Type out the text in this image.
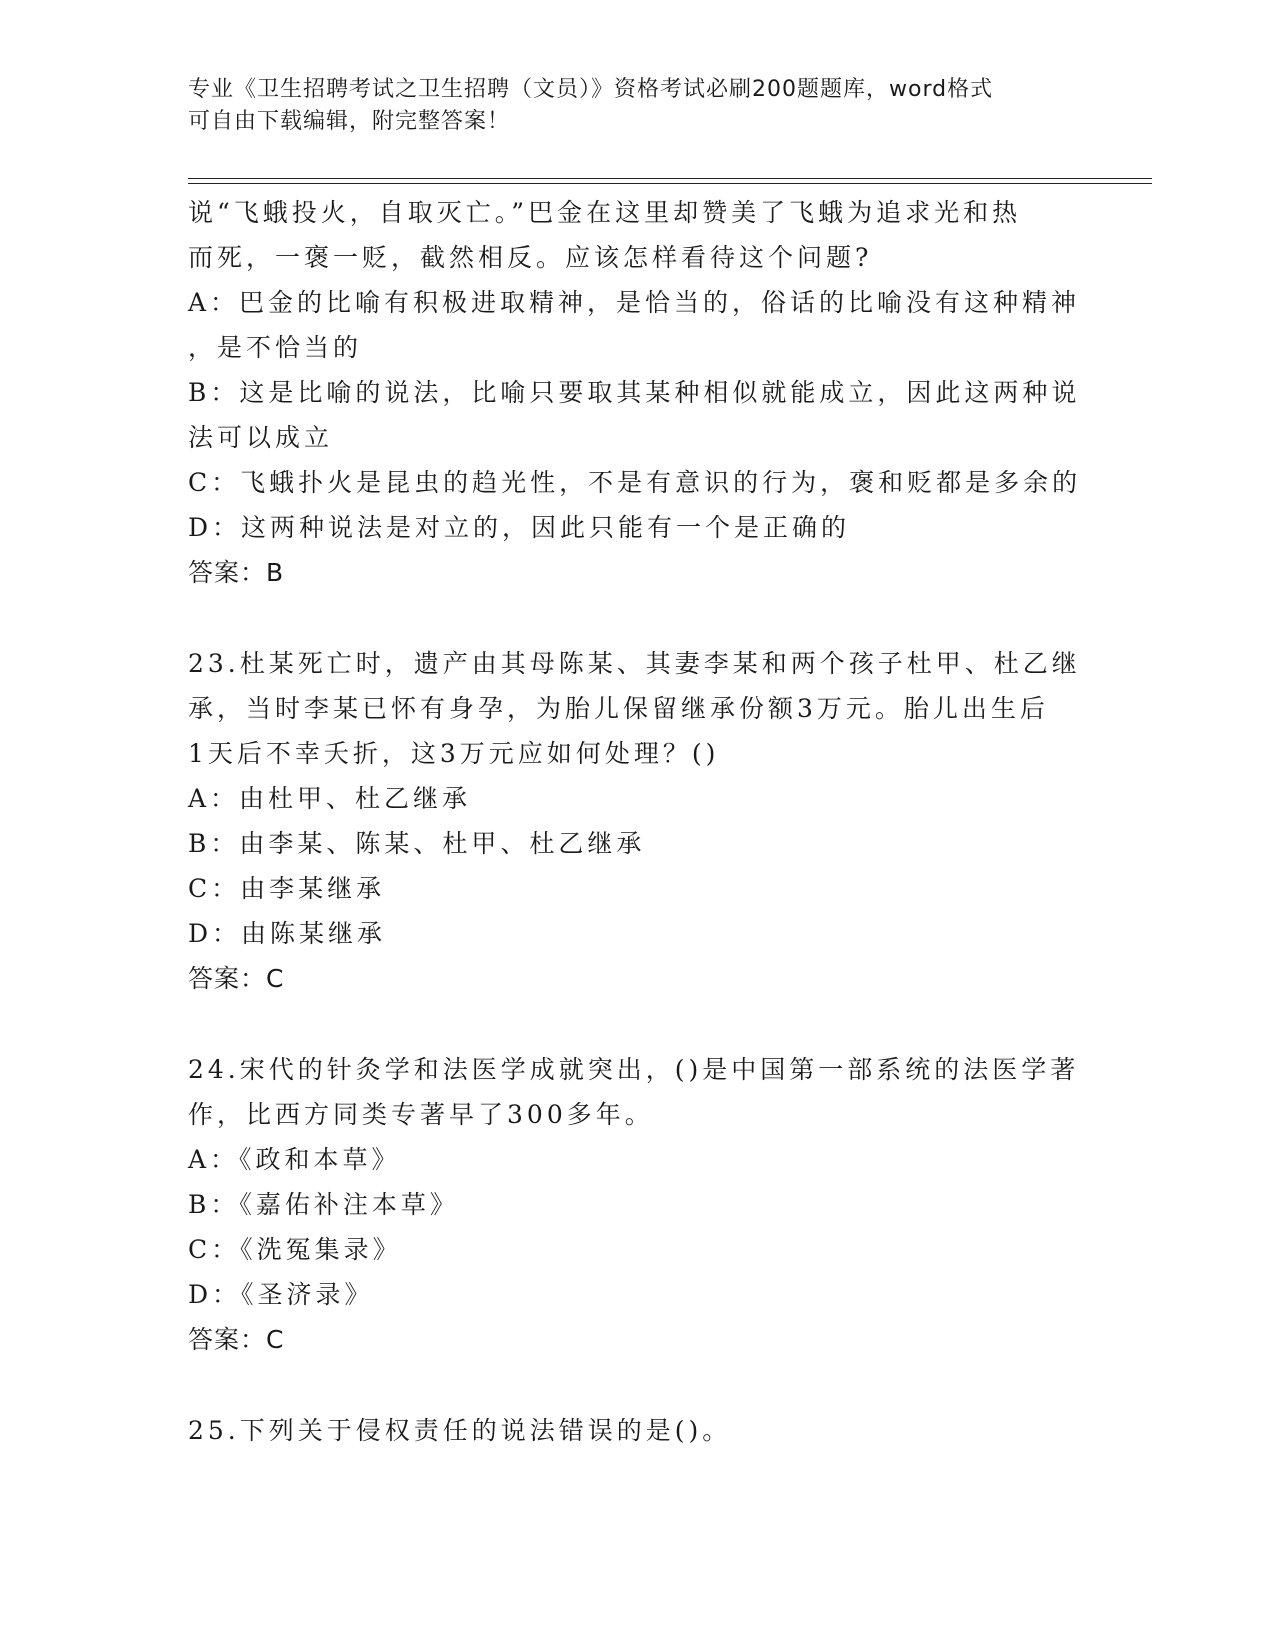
专业《卫生招聘考试之卫生招聘（文员）》资格考试必刷200题题库，word格式
可自由下载编辑，附完整答案！
说“飞蛾投火，自取灭亡。”巴金在这里却赞美了飞蛾为追求光和热
而死，一褒一贬，截然相反。应该怎样看待这个问题?
A：巴金的比喻有积极进取精神，是恰当的，俗话的比喻没有这种精神
，是不恰当的
B：这是比喻的说法，比喻只要取其某种相似就能成立，因此这两种说
法可以成立
C：飞蛾扑火是昆虫的趋光性，不是有意识的行为，褒和贬都是多余的
D：这两种说法是对立的，因此只能有一个是正确的
答案：B
23.杜某死亡时，遗产由其母陈某、其妻李某和两个孩子杜甲、杜乙继
承，当时李某已怀有身孕，为胎儿保留继承份额3万元。胎儿出生后
1天后不幸夭折，这3万元应如何处理？()
A：由杜甲、杜乙继承
B：由李某、陈某、杜甲、杜乙继承
C：由李某继承
D：由陈某继承
答案：C
24.宋代的针灸学和法医学成就突出，()是中国第一部系统的法医学著
作，比西方同类专著早了300多年。
A：《政和本草》
B：《嘉佑补注本草》
C：《洗冤集录》
D：《圣济录》
答案：C
25.下列关于侵权责任的说法错误的是()。
